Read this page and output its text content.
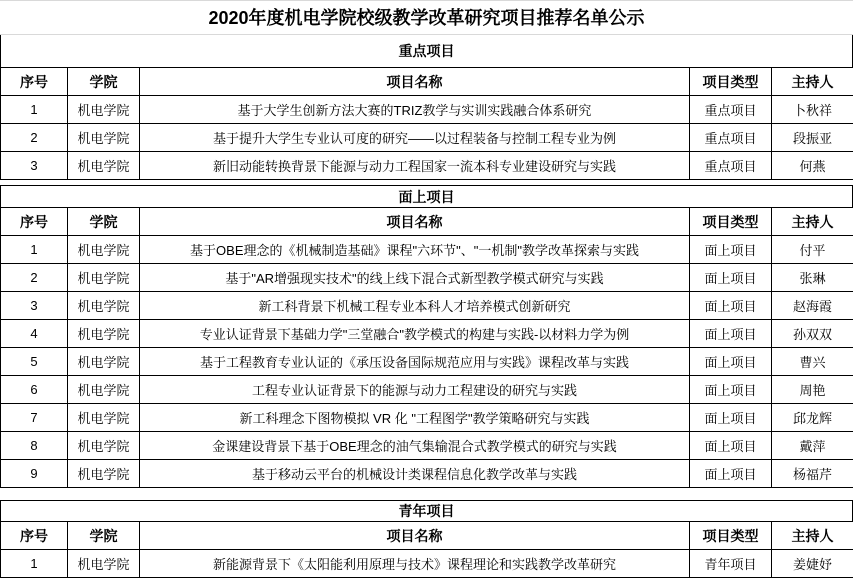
2020年度机电学院校级教学改革研究项目推荐名单公示
重点项目
序号	学院	项目名称	项目类型	主持人
1	机电学院	基于大学生创新方法大赛的TRIZ教学与实训实践融合体系研究	重点项目	卜秋祥
2	机电学院	基于提升大学生专业认可度的研究——以过程装备与控制工程专业为例	重点项目	段振亚
3	机电学院	新旧动能转换背景下能源与动力工程国家一流本科专业建设研究与实践	重点项目	何燕
面上项目
序号	学院	项目名称	项目类型	主持人
1	机电学院	基于OBE理念的《机械制造基础》课程"六环节"、"一机制"教学改革探索与实践	面上项目	付平
2	机电学院	基于"AR增强现实技术"的线上线下混合式新型教学模式研究与实践	面上项目	张琳
3	机电学院	新工科背景下机械工程专业本科人才培养模式创新研究	面上项目	赵海霞
4	机电学院	专业认证背景下基础力学"三堂融合"教学模式的构建与实践-以材料力学为例	面上项目	孙双双
5	机电学院	基于工程教育专业认证的《承压设备国际规范应用与实践》课程改革与实践	面上项目	曹兴
6	机电学院	工程专业认证背景下的能源与动力工程建设的研究与实践	面上项目	周艳
7	机电学院	新工科理念下图物模拟 VR 化 "工程图学"教学策略研究与实践	面上项目	邱龙辉
8	机电学院	金课建设背景下基于OBE理念的油气集输混合式教学模式的研究与实践	面上项目	戴萍
9	机电学院	基于移动云平台的机械设计类课程信息化教学改革与实践	面上项目	杨福芹
青年项目
序号	学院	项目名称	项目类型	主持人
1	机电学院	新能源背景下《太阳能利用原理与技术》课程理论和实践教学改革研究	青年项目	姜婕妤
